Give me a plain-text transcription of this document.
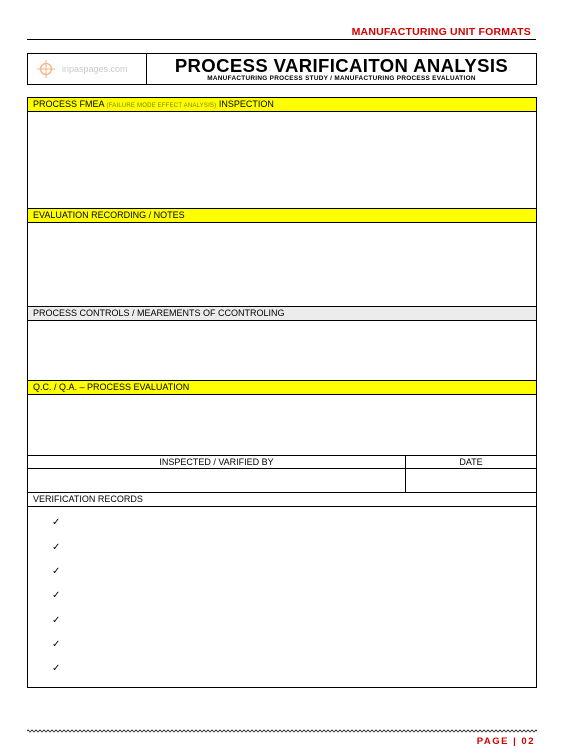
MANUFACTURING UNIT FORMATS
inpaspages.com	PROCESS VARIFICAITON ANALYSIS
MANUFACTURING PROCESS STUDY / MANUFACTURING PROCESS EVALUATION
PROCESS FMEA (FAILURE MODE EFFECT ANALYSIS) INSPECTION
EVALUATION RECORDING / NOTES
PROCESS CONTROLS / MEAREMENTS OF CCONTROLING
Q.C. / Q.A. – PROCESS EVALUATION
INSPECTED / VARIFIED BY	DATE
VERIFICATION RECORDS
✓
✓
✓
✓
✓
✓
✓
PAGE | 02
